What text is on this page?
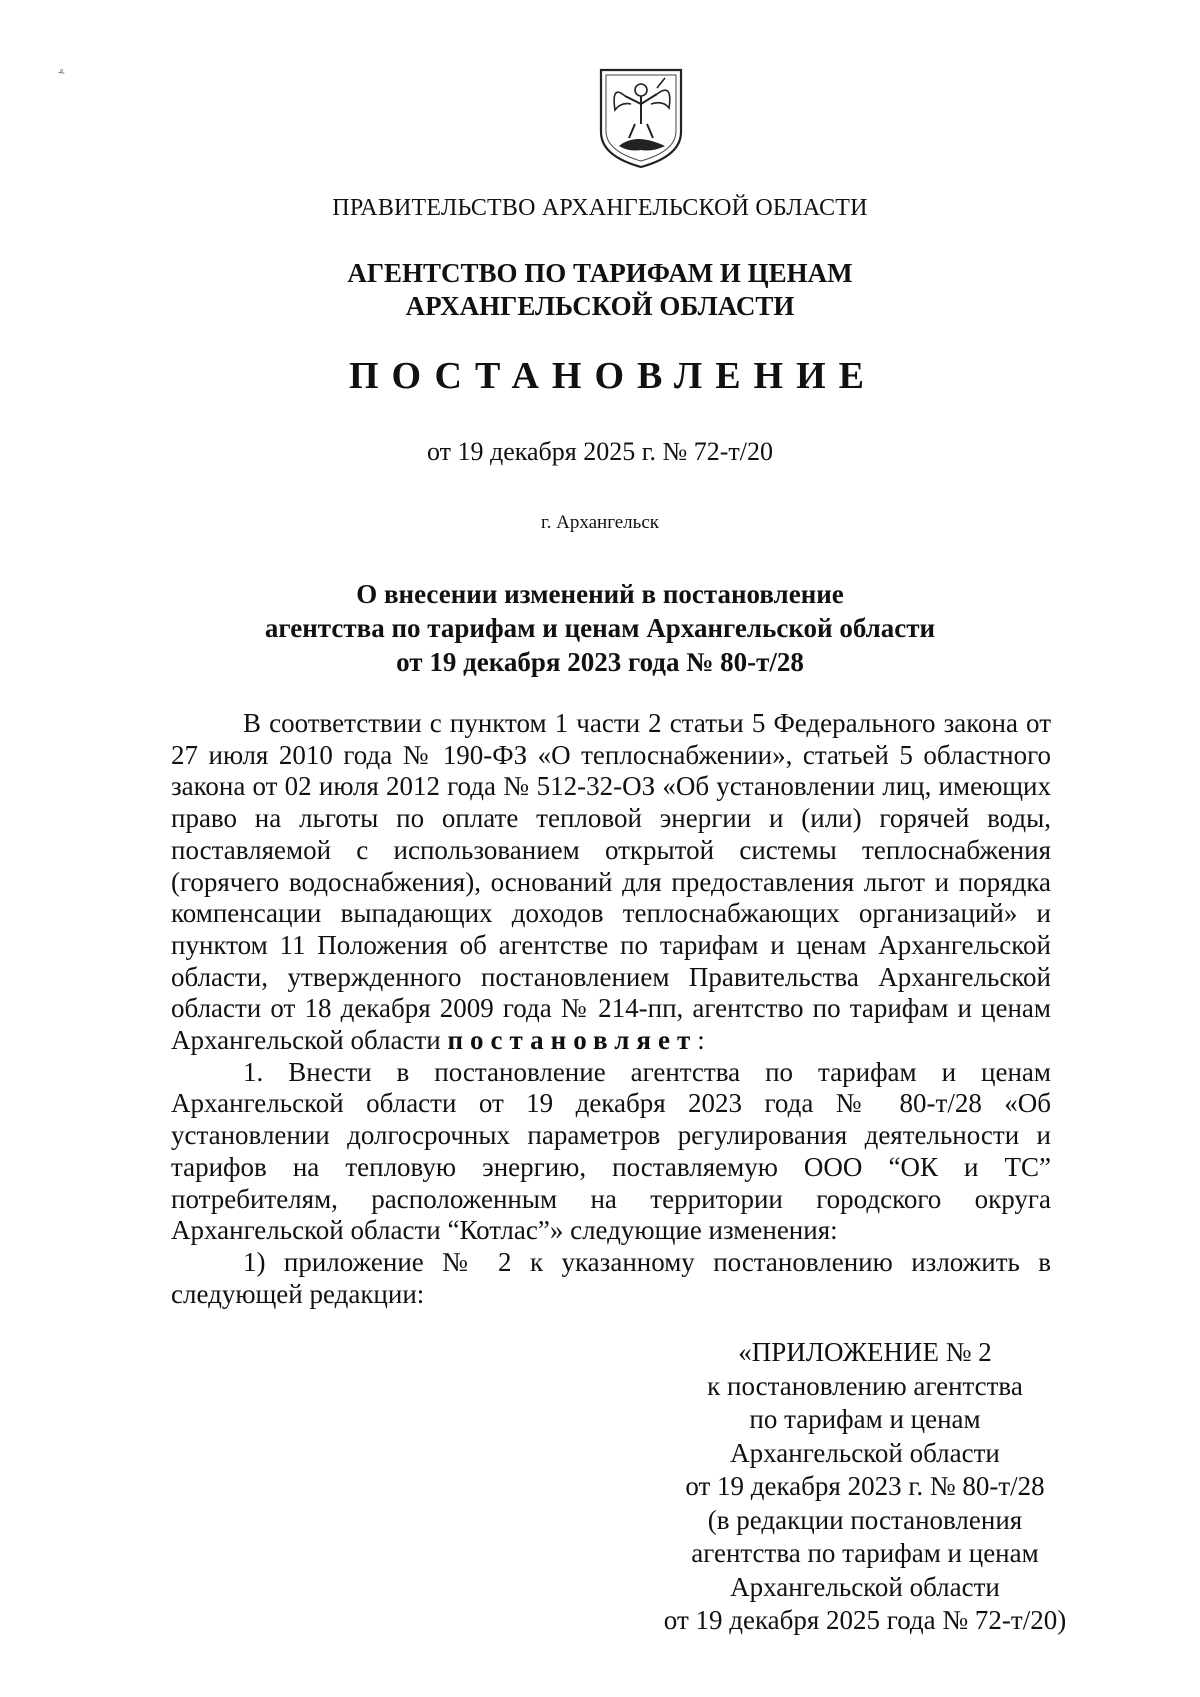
⸛
ПРАВИТЕЛЬСТВО АРХАНГЕЛЬСКОЙ ОБЛАСТИ
АГЕНТСТВО ПО ТАРИФАМ И ЦЕНАМ
АРХАНГЕЛЬСКОЙ ОБЛАСТИ
ПОСТАНОВЛЕНИЕ
от 19 декабря 2025 г. № 72-т/20
г. Архангельск
О внесении изменений в постановление
агентства по тарифам и ценам Архангельской области
от 19 декабря 2023 года № 80-т/28

В соответствии с пунктом 1 части 2 статьи 5 Федерального закона от 27 июля 2010 года № 190-ФЗ «О теплоснабжении», статьей 5 областного закона от 02 июля 2012 года № 512-32-ОЗ «Об установлении лиц, имеющих право на льготы по оплате тепловой энергии и (или) горячей воды, поставляемой с использованием открытой системы теплоснабжения (горячего водоснабжения), оснований для предоставления льгот и порядка компенсации выпадающих доходов теплоснабжающих организаций» и пунктом 11 Положения об агентстве по тарифам и ценам Архангельской области, утвержденного постановлением Правительства Архангельской области от 18 декабря 2009 года № 214-пп, агентство по тарифам и ценам Архангельской области постановляет:

1. Внести в постановление агентства по тарифам и ценам Архангельской области от 19 декабря 2023 года № 80-т/28 «Об установлении долгосрочных параметров регулирования деятельности и тарифов на тепловую энергию, поставляемую ООО “ОК и ТС” потребителям, расположенным на территории городского округа Архангельской области “Котлас”» следующие изменения:

1) приложение № 2 к указанному постановлению изложить в следующей редакции:

«ПРИЛОЖЕНИЕ № 2
к постановлению агентства
по тарифам и ценам
Архангельской области
от 19 декабря 2023 г. № 80-т/28
(в редакции постановления
агентства по тарифам и ценам
Архангельской области
от 19 декабря 2025 года № 72-т/20)
